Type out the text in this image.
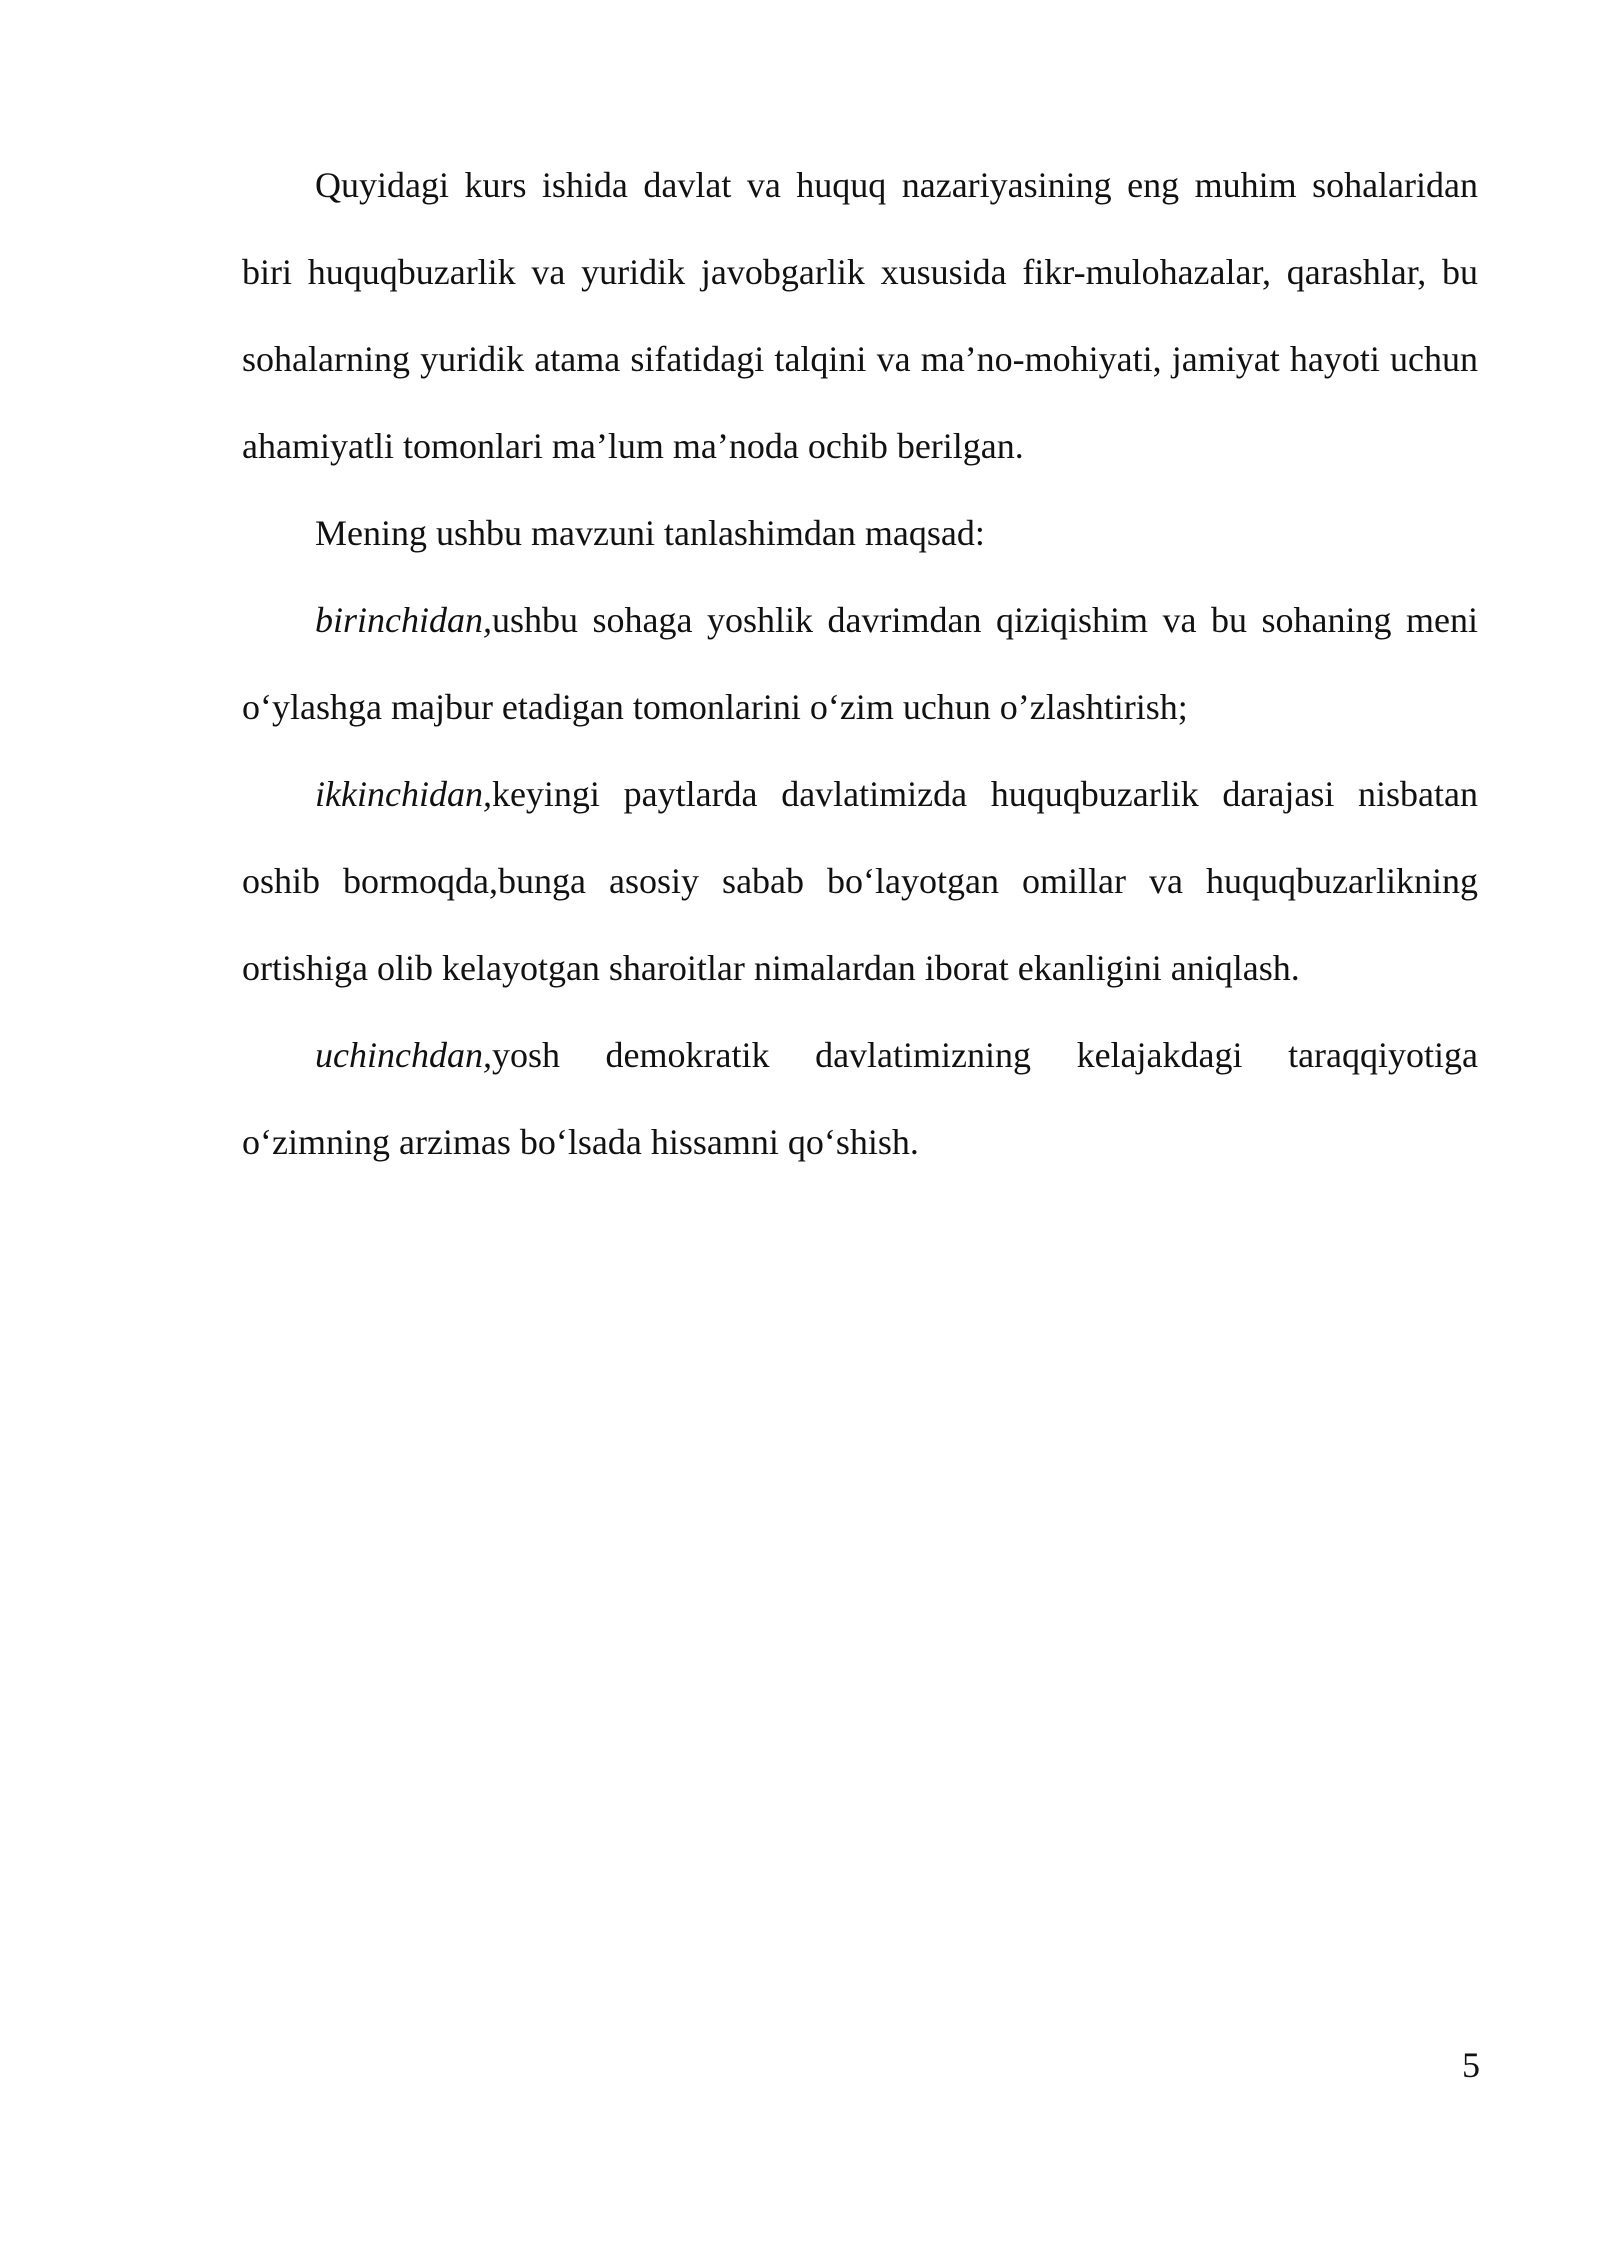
Quyidagi kurs ishida davlat va huquq nazariyasining eng muhim sohalaridan biri huquqbuzarlik va yuridik javobgarlik xususida fikr-mulohazalar, qarashlar, bu sohalarning yuridik atama sifatidagi talqini va ma’no-mohiyati, jamiyat hayoti uchun ahamiyatli tomonlari ma’lum ma’noda ochib berilgan.

Mening ushbu mavzuni tanlashimdan maqsad:

birinchidan,ushbu sohaga yoshlik davrimdan qiziqishim va bu sohaning meni o‘ylashga majbur etadigan tomonlarini o‘zim uchun o’zlashtirish;

ikkinchidan,keyingi paytlarda davlatimizda huquqbuzarlik darajasi nisbatan oshib bormoqda,bunga asosiy sabab bo‘layotgan omillar va huquqbuzarlikning ortishiga olib kelayotgan sharoitlar nimalardan iborat ekanligini aniqlash.

uchinchdan,yosh demokratik davlatimizning kelajakdagi taraqqiyotiga o‘zimning arzimas bo‘lsada hissamni qo‘shish.

5
